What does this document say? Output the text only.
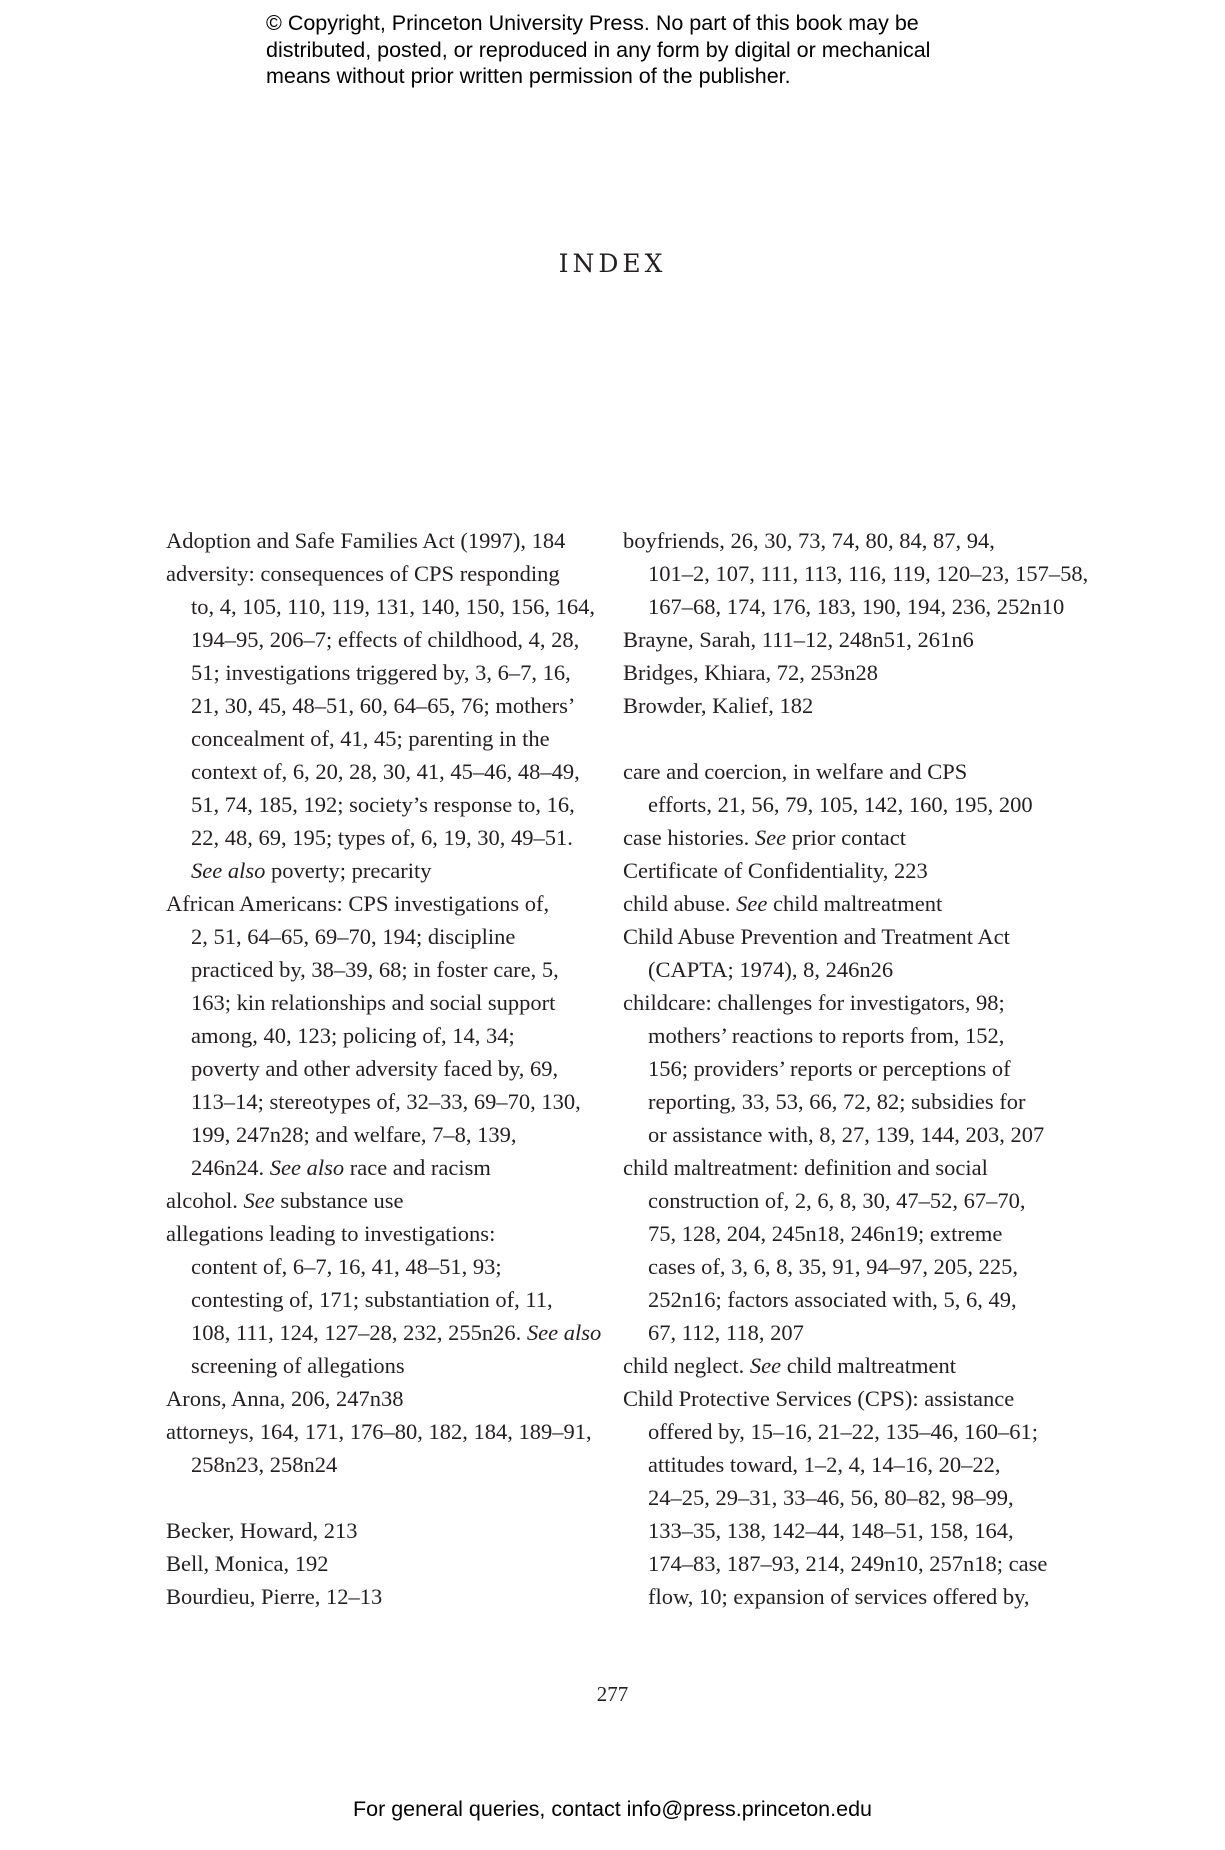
© Copyright, Princeton University Press. No part of this book may be
distributed, posted, or reproduced in any form by digital or mechanical
means without prior written permission of the publisher.
INDEX
Adoption and Safe Families Act (1997), 184
adversity: consequences of CPS responding
to, 4, 105, 110, 119, 131, 140, 150, 156, 164,
194–95, 206–7; effects of childhood, 4, 28,
51; investigations triggered by, 3, 6–7, 16,
21, 30, 45, 48–51, 60, 64–65, 76; mothers’
concealment of, 41, 45; parenting in the
context of, 6, 20, 28, 30, 41, 45–46, 48–49,
51, 74, 185, 192; society’s response to, 16,
22, 48, 69, 195; types of, 6, 19, 30, 49–51.
See also poverty; precarity
African Americans: CPS investigations of,
2, 51, 64–65, 69–70, 194; discipline
practiced by, 38–39, 68; in foster care, 5,
163; kin relationships and social support
among, 40, 123; policing of, 14, 34;
poverty and other adversity faced by, 69,
113–14; stereotypes of, 32–33, 69–70, 130,
199, 247n28; and welfare, 7–8, 139,
246n24. See also race and racism
alcohol. See substance use
allegations leading to investigations:
content of, 6–7, 16, 41, 48–51, 93;
contesting of, 171; substantiation of, 11,
108, 111, 124, 127–28, 232, 255n26. See also
screening of allegations
Arons, Anna, 206, 247n38
attorneys, 164, 171, 176–80, 182, 184, 189–91,
258n23, 258n24
Becker, Howard, 213
Bell, Monica, 192
Bourdieu, Pierre, 12–13
boyfriends, 26, 30, 73, 74, 80, 84, 87, 94,
101–2, 107, 111, 113, 116, 119, 120–23, 157–58,
167–68, 174, 176, 183, 190, 194, 236, 252n10
Brayne, Sarah, 111–12, 248n51, 261n6
Bridges, Khiara, 72, 253n28
Browder, Kalief, 182
care and coercion, in welfare and CPS
efforts, 21, 56, 79, 105, 142, 160, 195, 200
case histories. See prior contact
Certificate of Confidentiality, 223
child abuse. See child maltreatment
Child Abuse Prevention and Treatment Act
(CAPTA; 1974), 8, 246n26
childcare: challenges for investigators, 98;
mothers’ reactions to reports from, 152,
156; providers’ reports or perceptions of
reporting, 33, 53, 66, 72, 82; subsidies for
or assistance with, 8, 27, 139, 144, 203, 207
child maltreatment: definition and social
construction of, 2, 6, 8, 30, 47–52, 67–70,
75, 128, 204, 245n18, 246n19; extreme
cases of, 3, 6, 8, 35, 91, 94–97, 205, 225,
252n16; factors associated with, 5, 6, 49,
67, 112, 118, 207
child neglect. See child maltreatment
Child Protective Services (CPS): assistance
offered by, 15–16, 21–22, 135–46, 160–61;
attitudes toward, 1–2, 4, 14–16, 20–22,
24–25, 29–31, 33–46, 56, 80–82, 98–99,
133–35, 138, 142–44, 148–51, 158, 164,
174–83, 187–93, 214, 249n10, 257n18; case
flow, 10; expansion of services offered by,
277
For general queries, contact info@press.princeton.edu
